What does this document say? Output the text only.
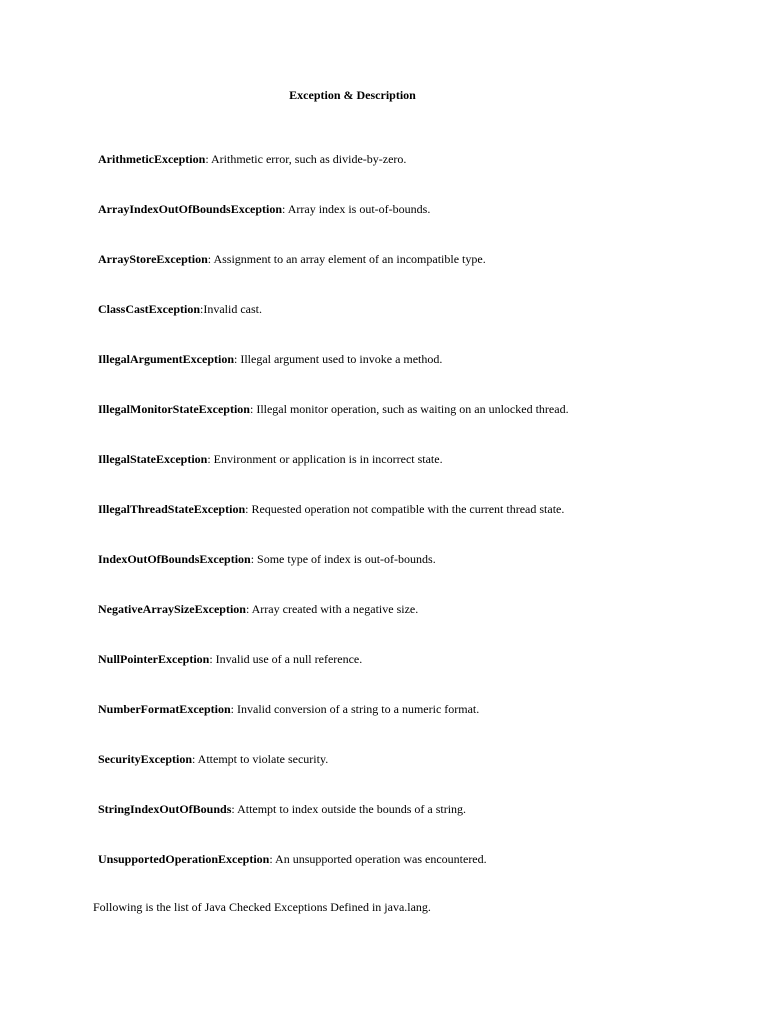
Exception & Description
ArithmeticException: Arithmetic error, such as divide-by-zero.
ArrayIndexOutOfBoundsException: Array index is out-of-bounds.
ArrayStoreException: Assignment to an array element of an incompatible type.
ClassCastException:Invalid cast.
IllegalArgumentException: Illegal argument used to invoke a method.
IllegalMonitorStateException: Illegal monitor operation, such as waiting on an unlocked thread.
IllegalStateException: Environment or application is in incorrect state.
IllegalThreadStateException: Requested operation not compatible with the current thread state.
IndexOutOfBoundsException: Some type of index is out-of-bounds.
NegativeArraySizeException: Array created with a negative size.
NullPointerException: Invalid use of a null reference.
NumberFormatException: Invalid conversion of a string to a numeric format.
SecurityException: Attempt to violate security.
StringIndexOutOfBounds: Attempt to index outside the bounds of a string.
UnsupportedOperationException: An unsupported operation was encountered.
Following is the list of Java Checked Exceptions Defined in java.lang.
